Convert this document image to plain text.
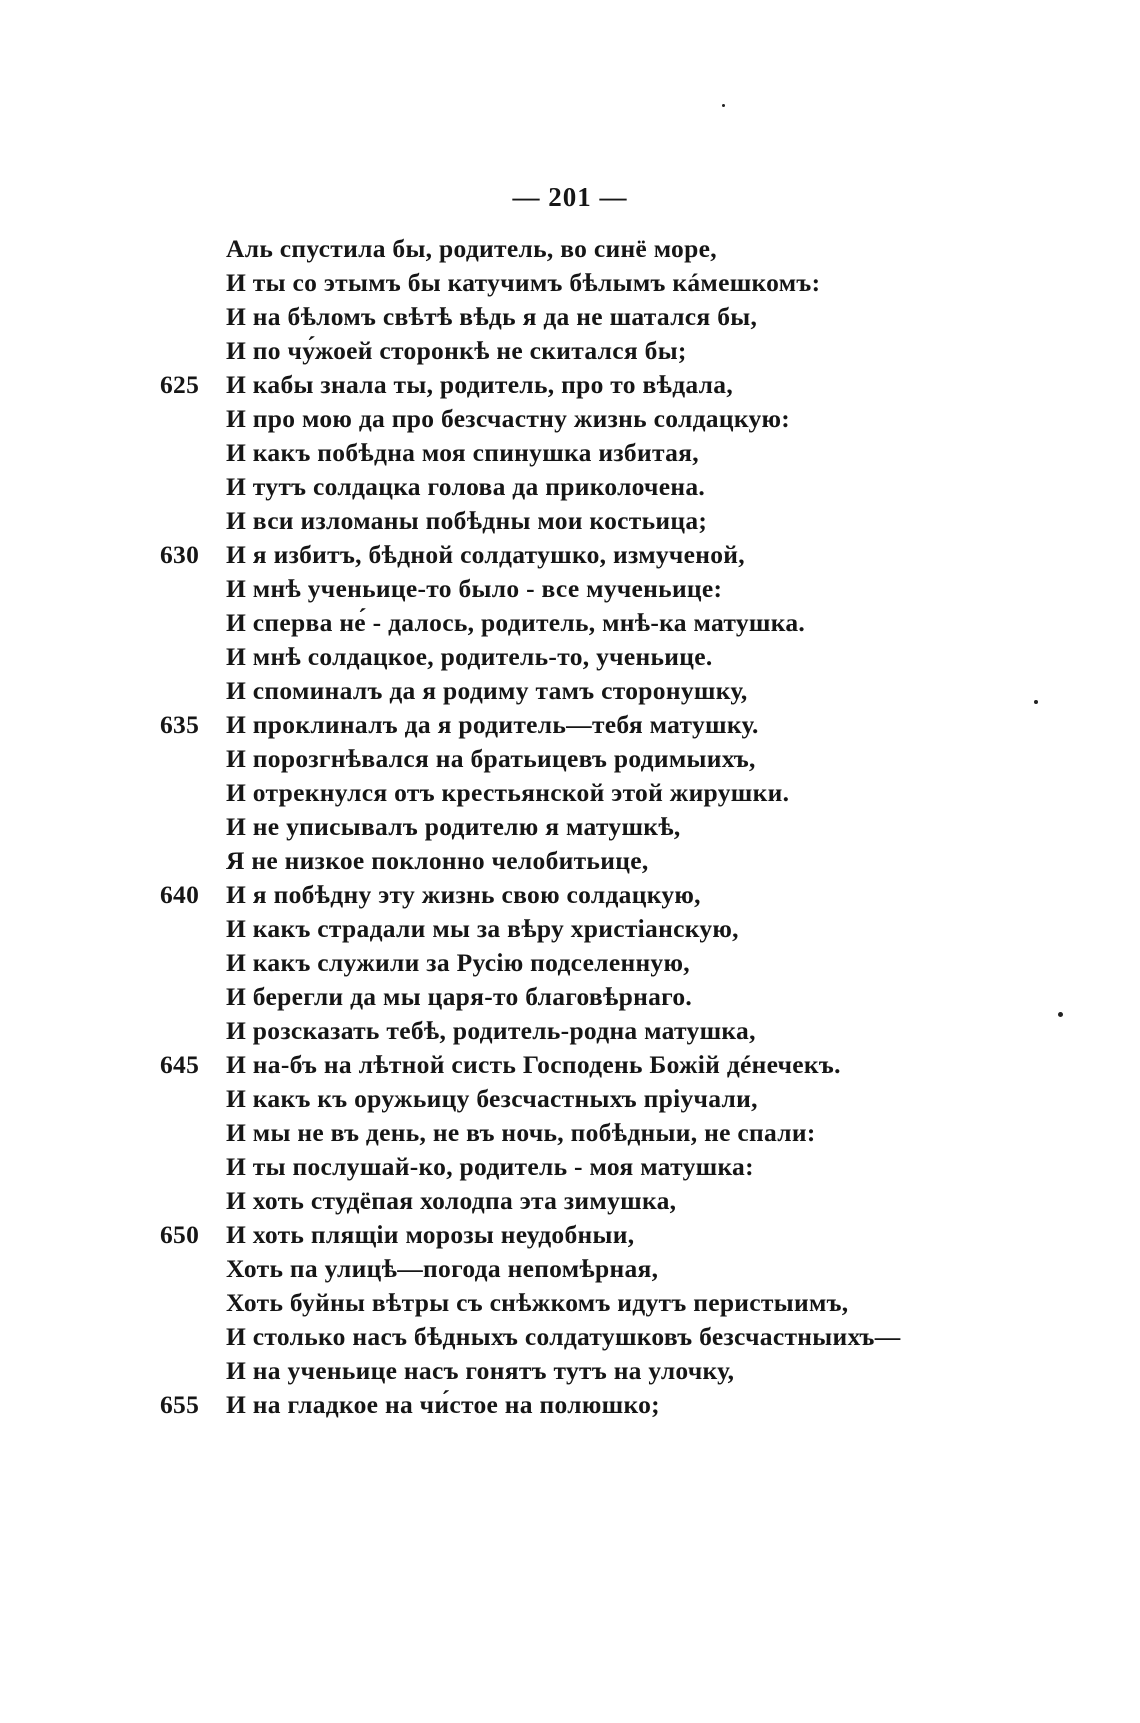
— 201 —
Аль спустила бы, родитель, во синё море,
И ты со этымъ бы катучимъ бѣлымъ кáмешкомъ:
И на бѣломъ свѣтѣ вѣдь я да не шатался бы,
И по чу́жоей сторонкѣ не скитался бы;
625	И кабы знала ты, родитель, про то вѣдала,
И про мою да про безсчастну жизнь солдацкую:
И какъ побѣдна моя спинушка избитая,
И тутъ солдацка голова да приколочена.
И вси изломаны побѣдны мои костьица;
630	И я избитъ, бѣдной солдатушко, измученой,
И мнѣ ученьице-то было - все мученьице:
И сперва не́ - далось, родитель, мнѣ-ка матушка.
И мнѣ солдацкое, родитель-то, ученьице.
И споминалъ да я родиму тамъ сторонушку,
635	И проклиналъ да я родитель—тебя матушку.
И порозгнѣвался на братьицевъ родимыихъ,
И отрекнулся отъ крестьянской этой жирушки.
И не уписывалъ родителю я матушкѣ,
Я не низкое поклонно челобитьице,
640	И я побѣдну эту жизнь свою солдацкую,
И какъ страдали мы за вѣру христіанскую,
И какъ служили за Русію подселенную,
И берегли да мы царя-то благовѣрнаго.
И розсказать тебѣ, родитель-родна матушка,
645	И на-бъ на лѣтной систь Господень Божій дéнечекъ.
И какъ къ оружьицу безсчастныхъ пріучали,
И мы не въ день, не въ ночь, побѣдныи, не спали:
И ты послушай-ко, родитель - моя матушка:
И хоть студёпая холодпа эта зимушка,
650	И хоть плящіи морозы неудобныи,
Хоть па улицѣ—погода непомѣрная,
Хоть буйны вѣтры съ снѣжкомъ идутъ перистыимъ,
И столько насъ бѣдныхъ солдатушковъ безсчастныихъ—
И на ученьице насъ гонятъ тутъ на улочку,
655	И на гладкое на чи́стое на полюшко;
